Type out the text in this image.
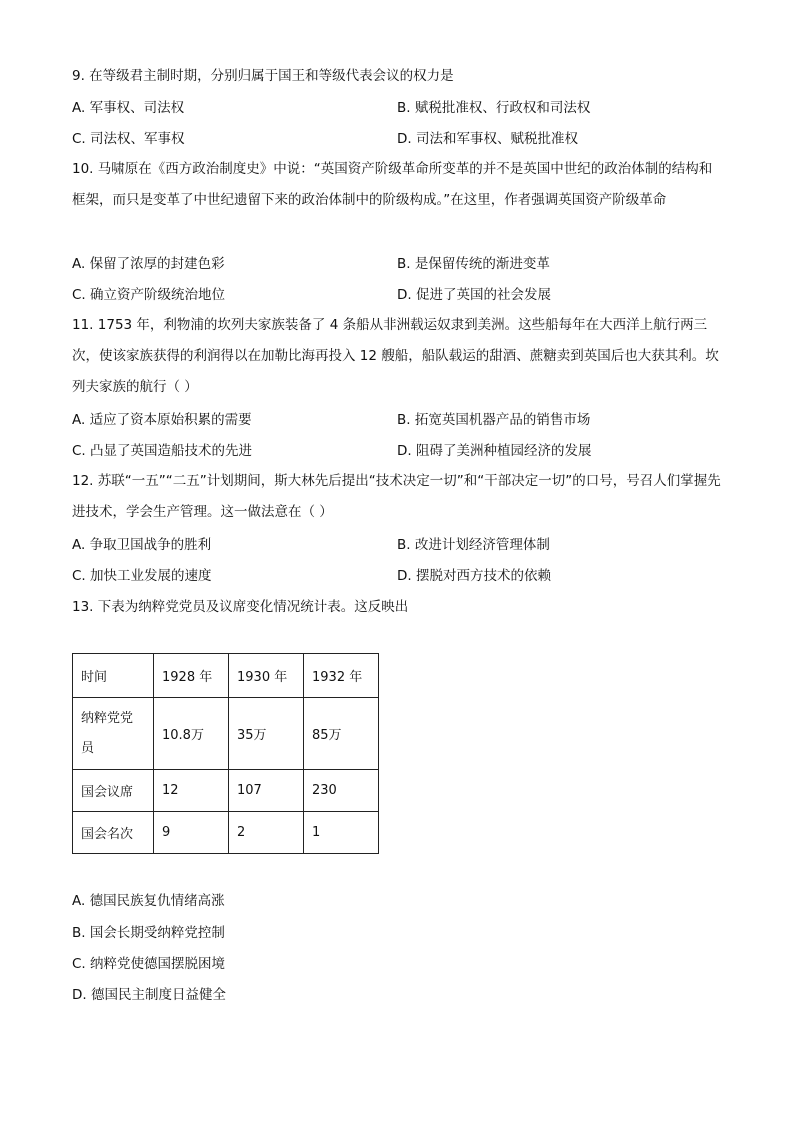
9. 在等级君主制时期，分别归属于国王和等级代表会议的权力是
A. 军事权、司法权	B. 赋税批准权、行政权和司法权
C. 司法权、军事权	D. 司法和军事权、赋税批准权
10. 马啸原在《西方政治制度史》中说：“英国资产阶级革命所变革的并不是英国中世纪的政治体制的结构和框架，而只是变革了中世纪遗留下来的政治体制中的阶级构成。”在这里，作者强调英国资产阶级革命
A. 保留了浓厚的封建色彩	B. 是保留传统的渐进变革
C. 确立资产阶级统治地位	D. 促进了英国的社会发展
11. 1753 年，利物浦的坎列夫家族装备了 4 条船从非洲载运奴隶到美洲。这些船每年在大西洋上航行两三次，使该家族获得的利润得以在加勒比海再投入 12 艘船，船队载运的甜酒、蔗糖卖到英国后也大获其利。坎列夫家族的航行（ ）
A. 适应了资本原始积累的需要	B. 拓宽英国机器产品的销售市场
C. 凸显了英国造船技术的先进	D. 阻碍了美洲种植园经济的发展
12. 苏联“一五”“二五”计划期间，斯大林先后提出“技术决定一切”和“干部决定一切”的口号，号召人们掌握先进技术，学会生产管理。这一做法意在（ ）
A. 争取卫国战争的胜利	B. 改进计划经济管理体制
C. 加快工业发展的速度	D. 摆脱对西方技术的依赖
13. 下表为纳粹党党员及议席变化情况统计表。这反映出
时间	1928 年	1930 年	1932 年
纳粹党党员	10.8万	35万	85万
国会议席	12	107	230
国会名次	9	2	1
A. 德国民族复仇情绪高涨
B. 国会长期受纳粹党控制
C. 纳粹党使德国摆脱困境
D. 德国民主制度日益健全
